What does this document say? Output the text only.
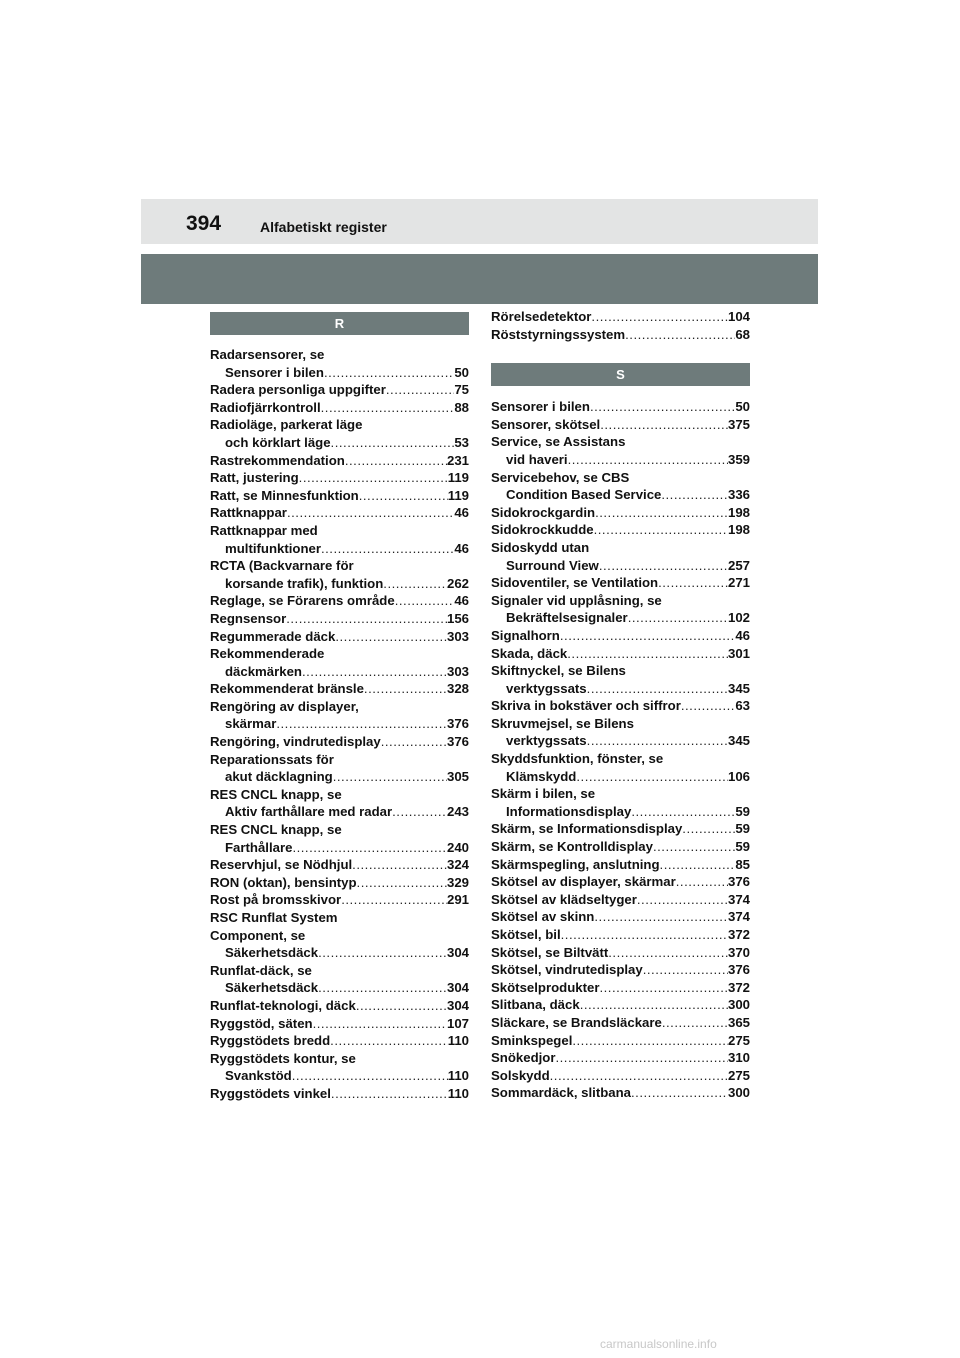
394	Alfabetiskt register
R
Radarsensorer, se
Sensorer i bilen .....	50
Radera personliga uppgifter .....	75
Radiofjärrkontroll .....	88
Radioläge, parkerat läge
och körklart läge .....	53
Rastrekommendation .....	231
Ratt, justering .....	119
Ratt, se Minnesfunktion .....	119
Rattknappar .....	46
Rattknappar med
multifunktioner .....	46
RCTA (Backvarnare för
korsande trafik), funktion .....	262
Reglage, se Förarens område .....	46
Regnsensor .....	156
Regummerade däck .....	303
Rekommenderade
däckmärken .....	303
Rekommenderat bränsle .....	328
Rengöring av displayer,
skärmar .....	376
Rengöring, vindrutedisplay .....	376
Reparationssats för
akut däcklagning .....	305
RES CNCL knapp, se
Aktiv farthållare med radar .....	243
RES CNCL knapp, se
Farthållare .....	240
Reservhjul, se Nödhjul .....	324
RON (oktan), bensintyp .....	329
Rost på bromsskivor .....	291
RSC Runflat System
Component, se
Säkerhetsdäck .....	304
Runflat-däck, se
Säkerhetsdäck .....	304
Runflat-teknologi, däck .....	304
Ryggstöd, säten .....	107
Ryggstödets bredd .....	110
Ryggstödets kontur, se
Svankstöd .....	110
Ryggstödets vinkel .....	110
Rörelsedetektor .....	104
Röststyrningssystem .....	68
S
Sensorer i bilen .....	50
Sensorer, skötsel .....	375
Service, se Assistans
vid haveri .....	359
Servicebehov, se CBS
Condition Based Service .....	336
Sidokrockgardin .....	198
Sidokrockkudde .....	198
Sidoskydd utan
Surround View .....	257
Sidoventiler, se Ventilation .....	271
Signaler vid upplåsning, se
Bekräftelsesignaler .....	102
Signalhorn .....	46
Skada, däck .....	301
Skiftnyckel, se Bilens
verktygssats .....	345
Skriva in bokstäver och siffror .....	63
Skruvmejsel, se Bilens
verktygssats .....	345
Skyddsfunktion, fönster, se
Klämskydd .....	106
Skärm i bilen, se
Informationsdisplay .....	59
Skärm, se Informationsdisplay .....	59
Skärm, se Kontrolldisplay .....	59
Skärmspegling, anslutning .....	85
Skötsel av displayer, skärmar .....	376
Skötsel av klädseltyger .....	374
Skötsel av skinn .....	374
Skötsel, bil .....	372
Skötsel, se Biltvätt .....	370
Skötsel, vindrutedisplay .....	376
Skötselprodukter .....	372
Slitbana, däck .....	300
Släckare, se Brandsläckare .....	365
Sminkspegel .....	275
Snökedjor .....	310
Solskydd .....	275
Sommardäck, slitbana .....	300
carmanualsonline.info
